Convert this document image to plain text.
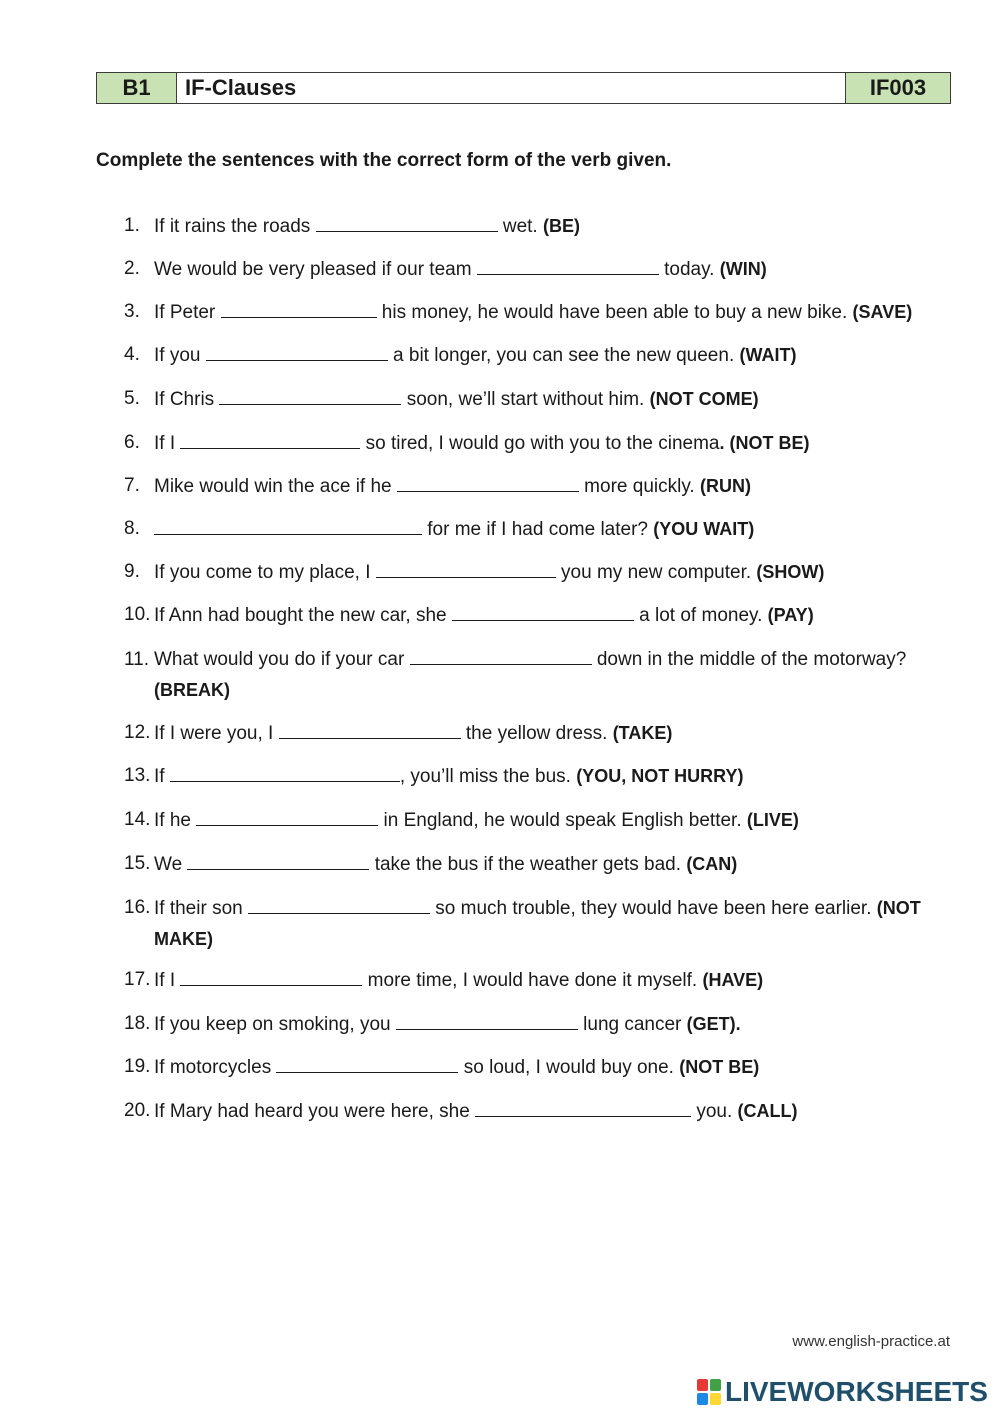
B1	IF-Clauses	IF003

Complete the sentences with the correct form of the verb given.

1. If it rains the roads	wet. (BE)
2. We would be very pleased if our team	today. (WIN)
3. If Peter	his money, he would have been able to buy a new bike. (SAVE)
4. If you	a bit longer, you can see the new queen. (WAIT)
5. If Chris	soon, we’ll start without him. (NOT COME)
6. If I	so tired, I would go with you to the cinema. (NOT BE)
7. Mike would win the ace if he	more quickly. (RUN)
8.	for me if I had come later? (YOU WAIT)
9. If you come to my place, I	you my new computer. (SHOW)
10. If Ann had bought the new car, she	a lot of money. (PAY)
11. What would you do if your car	down in the middle of the motorway? (BREAK)
12. If I were you, I	the yellow dress. (TAKE)
13. If	, you’ll miss the bus. (YOU, NOT HURRY)
14. If he	in England, he would speak English better. (LIVE)
15. We	take the bus if the weather gets bad. (CAN)
16. If their son	so much trouble, they would have been here earlier. (NOT MAKE)
17. If I	more time, I would have done it myself. (HAVE)
18. If you keep on smoking, you	lung cancer (GET).
19. If motorcycles	so loud, I would buy one. (NOT BE)
20. If Mary had heard you were here, she	you. (CALL)
www.english-practice.at
LIVEWORKSHEETS
